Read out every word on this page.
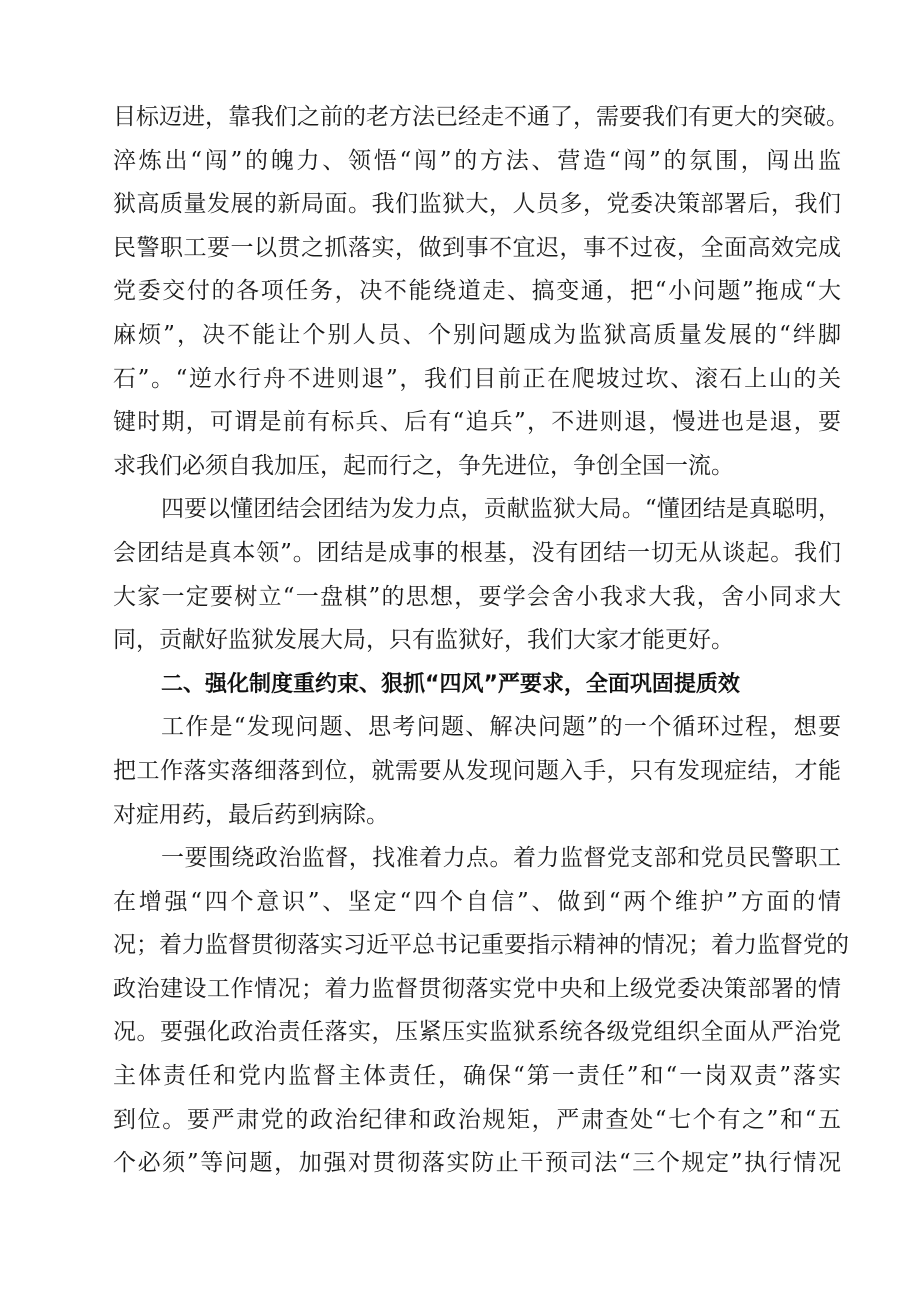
目标迈进，靠我们之前的老方法已经走不通了，需要我们有更大的突破。
淬炼出“闯”的魄力、领悟“闯”的方法、营造“闯”的氛围，闯出监
狱高质量发展的新局面。我们监狱大，人员多，党委决策部署后，我们
民警职工要一以贯之抓落实，做到事不宜迟，事不过夜，全面高效完成
党委交付的各项任务，决不能绕道走、搞变通，把“小问题”拖成“大
麻烦”，决不能让个别人员、个别问题成为监狱高质量发展的“绊脚
石”。“逆水行舟不进则退”，我们目前正在爬坡过坎、滚石上山的关
键时期，可谓是前有标兵、后有“追兵”，不进则退，慢进也是退，要
求我们必须自我加压，起而行之，争先进位，争创全国一流。
四要以懂团结会团结为发力点，贡献监狱大局。“懂团结是真聪明，
会团结是真本领”。团结是成事的根基，没有团结一切无从谈起。我们
大家一定要树立“一盘棋”的思想，要学会舍小我求大我，舍小同求大
同，贡献好监狱发展大局，只有监狱好，我们大家才能更好。
二、强化制度重约束、狠抓“四风”严要求，全面巩固提质效
工作是“发现问题、思考问题、解决问题”的一个循环过程，想要
把工作落实落细落到位，就需要从发现问题入手，只有发现症结，才能
对症用药，最后药到病除。
一要围绕政治监督，找准着力点。着力监督党支部和党员民警职工
在增强“四个意识”、坚定“四个自信”、做到“两个维护”方面的情
况；着力监督贯彻落实习近平总书记重要指示精神的情况；着力监督党的
政治建设工作情况；着力监督贯彻落实党中央和上级党委决策部署的情
况。要强化政治责任落实，压紧压实监狱系统各级党组织全面从严治党
主体责任和党内监督主体责任，确保“第一责任”和“一岗双责”落实
到位。要严肃党的政治纪律和政治规矩，严肃查处“七个有之”和“五
个必须”等问题，加强对贯彻落实防止干预司法“三个规定”执行情况
